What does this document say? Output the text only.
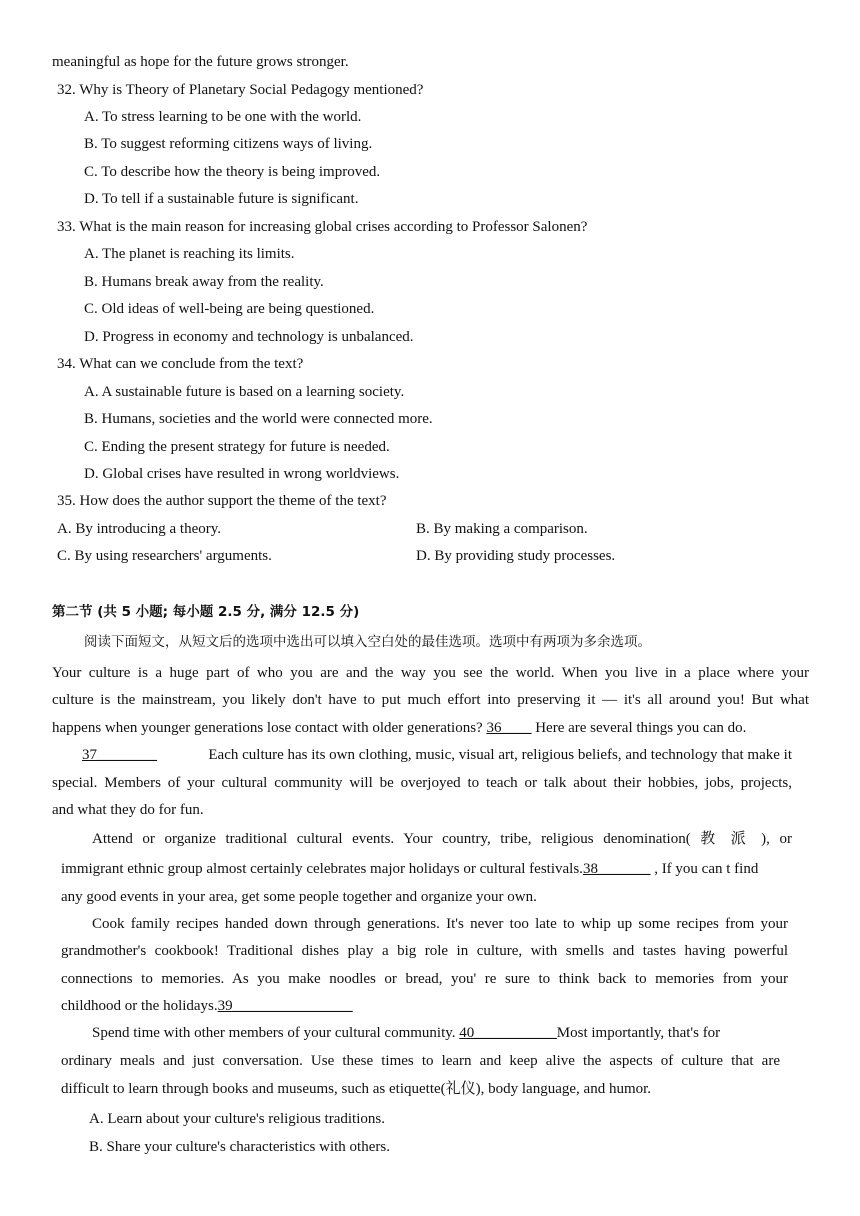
meaningful as hope for the future grows stronger.
32. Why is Theory of Planetary Social Pedagogy mentioned?
A. To stress learning to be one with the world.
B. To suggest reforming citizens ways of living.
C. To describe how the theory is being improved.
D. To tell if a sustainable future is significant.
33. What is the main reason for increasing global crises according to Professor Salonen?
A. The planet is reaching its limits.
B. Humans break away from the reality.
C. Old ideas of well-being are being questioned.
D. Progress in economy and technology is unbalanced.
34. What can we conclude from the text?
A. A sustainable future is based on a learning society.
B. Humans, societies and the world were connected more.
C. Ending the present strategy for future is needed.
D. Global crises have resulted in wrong worldviews.
35. How does the author support the theme of the text?
A. By introducing a theory.	B. By making a comparison.
C. By using researchers' arguments.	D. By providing study processes.
第二节 (共 5 小题; 每小题 2.5 分, 满分 12.5 分)
阅读下面短文，从短文后的选项中选出可以填入空白处的最佳选项。选项中有两项为多余选项。
Your culture is a huge part of who you are and the way you see the world. When you live in a place where your
culture is the mainstream, you likely don't have to put much effort into preserving it — it's all around you! But what
happens when younger generations lose contact with older generations? 36____ Here are several things you can do.
37________	Each culture has its own clothing, music, visual art, religious beliefs, and technology that make it
special. Members of your cultural community will be overjoyed to teach or talk about their hobbies, jobs, projects,
and what they do for fun.
Attend or organize traditional cultural events. Your country, tribe, religious denomination( 教 派 ), or
immigrant ethnic group almost certainly celebrates major holidays or cultural festivals.38_______ , If you can t find
any good events in your area, get some people together and organize your own.
Cook family recipes handed down through generations. It's never too late to whip up some recipes from your
grandmother's cookbook! Traditional dishes play a big role in culture, with smells and tastes having powerful
connections to memories. As you make noodles or bread, you' re sure to think back to memories from your
childhood or the holidays.39________________
Spend time with other members of your cultural community. 40___________Most importantly, that's for
ordinary meals and just conversation. Use these times to learn and keep alive the aspects of culture that are
difficult to learn through books and museums, such as etiquette(礼仪), body language, and humor.
A. Learn about your culture's religious traditions.
B. Share your culture's characteristics with others.
